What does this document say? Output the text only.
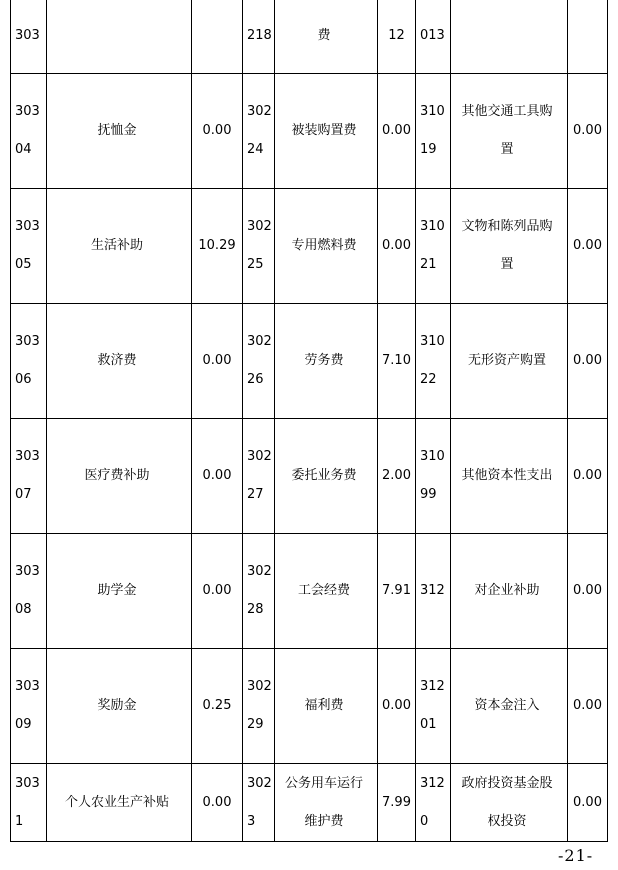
303			218	费	12	013		
30304	抚恤金	0.00	30224	被装购置费	0.00	31019	其他交通工具购置	0.00
30305	生活补助	10.29	30225	专用燃料费	0.00	31021	文物和陈列品购置	0.00
30306	救济费	0.00	30226	劳务费	7.10	31022	无形资产购置	0.00
30307	医疗费补助	0.00	30227	委托业务费	2.00	31099	其他资本性支出	0.00
30308	助学金	0.00	30228	工会经费	7.91	312	对企业补助	0.00
30309	奖励金	0.25	30229	福利费	0.00	31201	资本金注入	0.00
3031	个人农业生产补贴	0.00	3023	公务用车运行维护费	7.99	3120	政府投资基金股权投资	0.00
-21-
